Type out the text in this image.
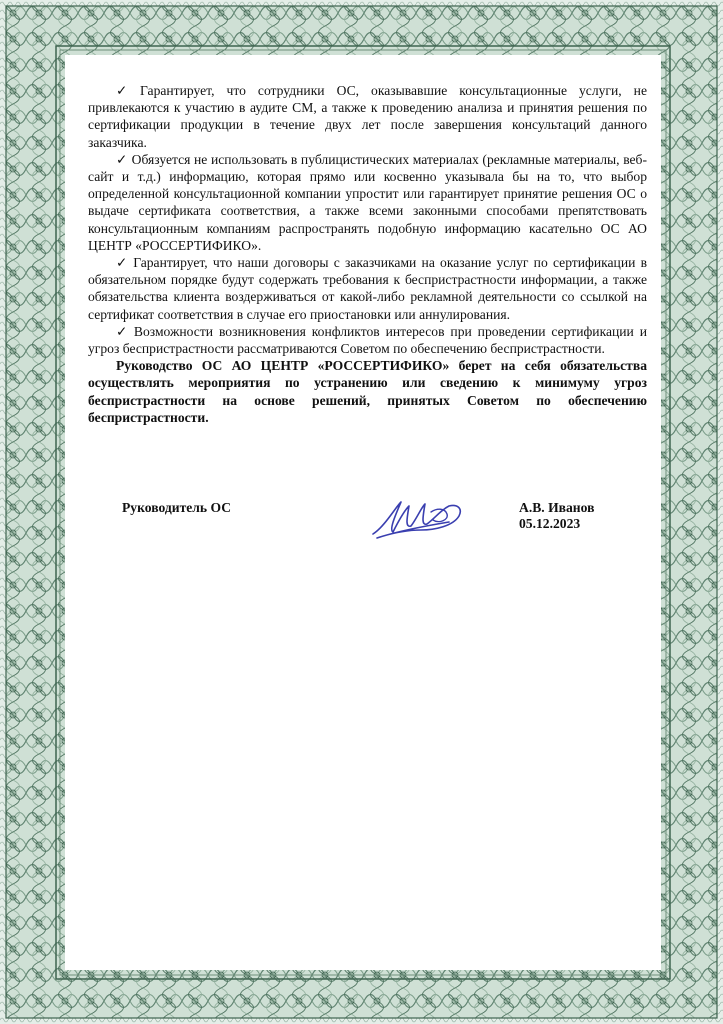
✓ Гарантирует, что сотрудники ОС, оказывавшие консультационные услуги, не привлекаются к участию в аудите СМ, а также к проведению анализа и принятия решения по сертификации продукции в течение двух лет после завершения консультаций данного заказчика.

✓ Обязуется не использовать в публицистических материалах (рекламные материалы, веб-сайт и т.д.) информацию, которая прямо или косвенно указывала бы на то, что выбор определенной консультационной компании упростит или гарантирует принятие решения ОС о выдаче сертификата соответствия, а также всеми законными способами препятствовать консультационным компаниям распространять подобную информацию касательно ОС АО ЦЕНТР «РОССЕРТИФИКО».

✓ Гарантирует, что наши договоры с заказчиками на оказание услуг по сертификации в обязательном порядке будут содержать требования к беспристрастности информации, а также обязательства клиента воздерживаться от какой-либо рекламной деятельности со ссылкой на сертификат соответствия в случае его приостановки или аннулирования.

✓ Возможности возникновения конфликтов интересов при проведении сертификации и угроз беспристрастности рассматриваются Советом по обеспечению беспристрастности.

Руководство ОС АО ЦЕНТР «РОССЕРТИФИКО» берет на себя обязательства осуществлять мероприятия по устранению или сведению к минимуму угроз беспристрастности на основе решений, принятых Советом по обеспечению беспристрастности.

Руководитель ОС	А.В. Иванов
05.12.2023
